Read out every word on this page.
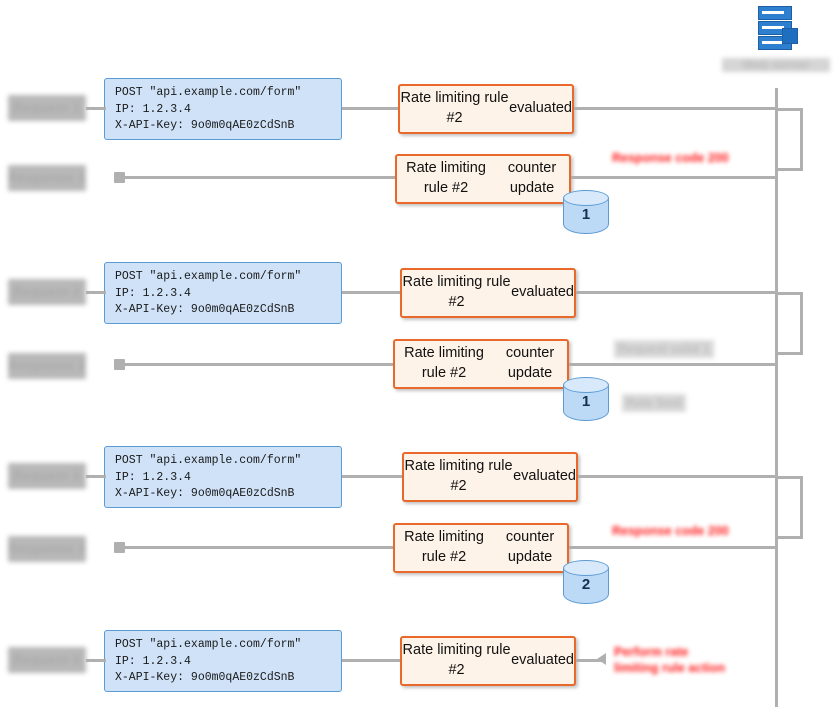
Web server
Request 1
POST "api.example.com/form"
IP: 1.2.3.4
X-API-Key: 9o0m0qAE0zCdSnB
Rate limiting rule #2
evaluated
Response 1
Rate limiting rule #2
counter update
Response code 200
1
Request 2
POST "api.example.com/form"
IP: 1.2.3.4
X-API-Key: 9o0m0qAE0zCdSnB
Rate limiting rule #2
evaluated
Response 2
Rate limiting rule #2
counter update
Request valid 1
1	Rate limit
Request 3
POST "api.example.com/form"
IP: 1.2.3.4
X-API-Key: 9o0m0qAE0zCdSnB
Rate limiting rule #2
evaluated
Response 3
Rate limiting rule #2
counter update
Response code 200
2
Request 4
POST "api.example.com/form"
IP: 1.2.3.4
X-API-Key: 9o0m0qAE0zCdSnB
Rate limiting rule #2
evaluated
Perform rate
limiting rule action
